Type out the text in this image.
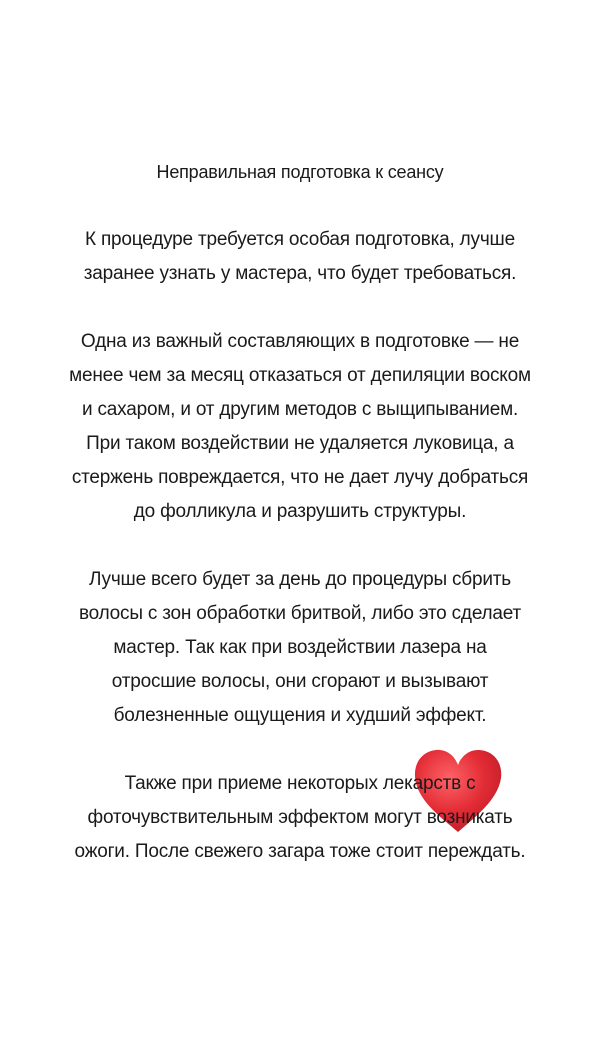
Неправильная подготовка к сеансу

К процедуре требуется особая подготовка, лучше

заранее узнать у мастера, что будет требоваться.

Одна из важный составляющих в подготовке — не

менее чем за месяц отказаться от депиляции воском

и сахаром, и от другим методов с выщипыванием.

При таком воздействии не удаляется луковица, а

стержень повреждается, что не дает лучу добраться

до фолликула и разрушить структуры.

Лучше всего будет за день до процедуры сбрить

волосы с зон обработки бритвой, либо это сделает

мастер. Так как при воздействии лазера на

отросшие волосы, они сгорают и вызывают

болезненные ощущения и худший эффект.

Также при приеме некоторых лекарств с

фоточувствительным эффектом могут возникать

ожоги. После свежего загара тоже стоит переждать.
